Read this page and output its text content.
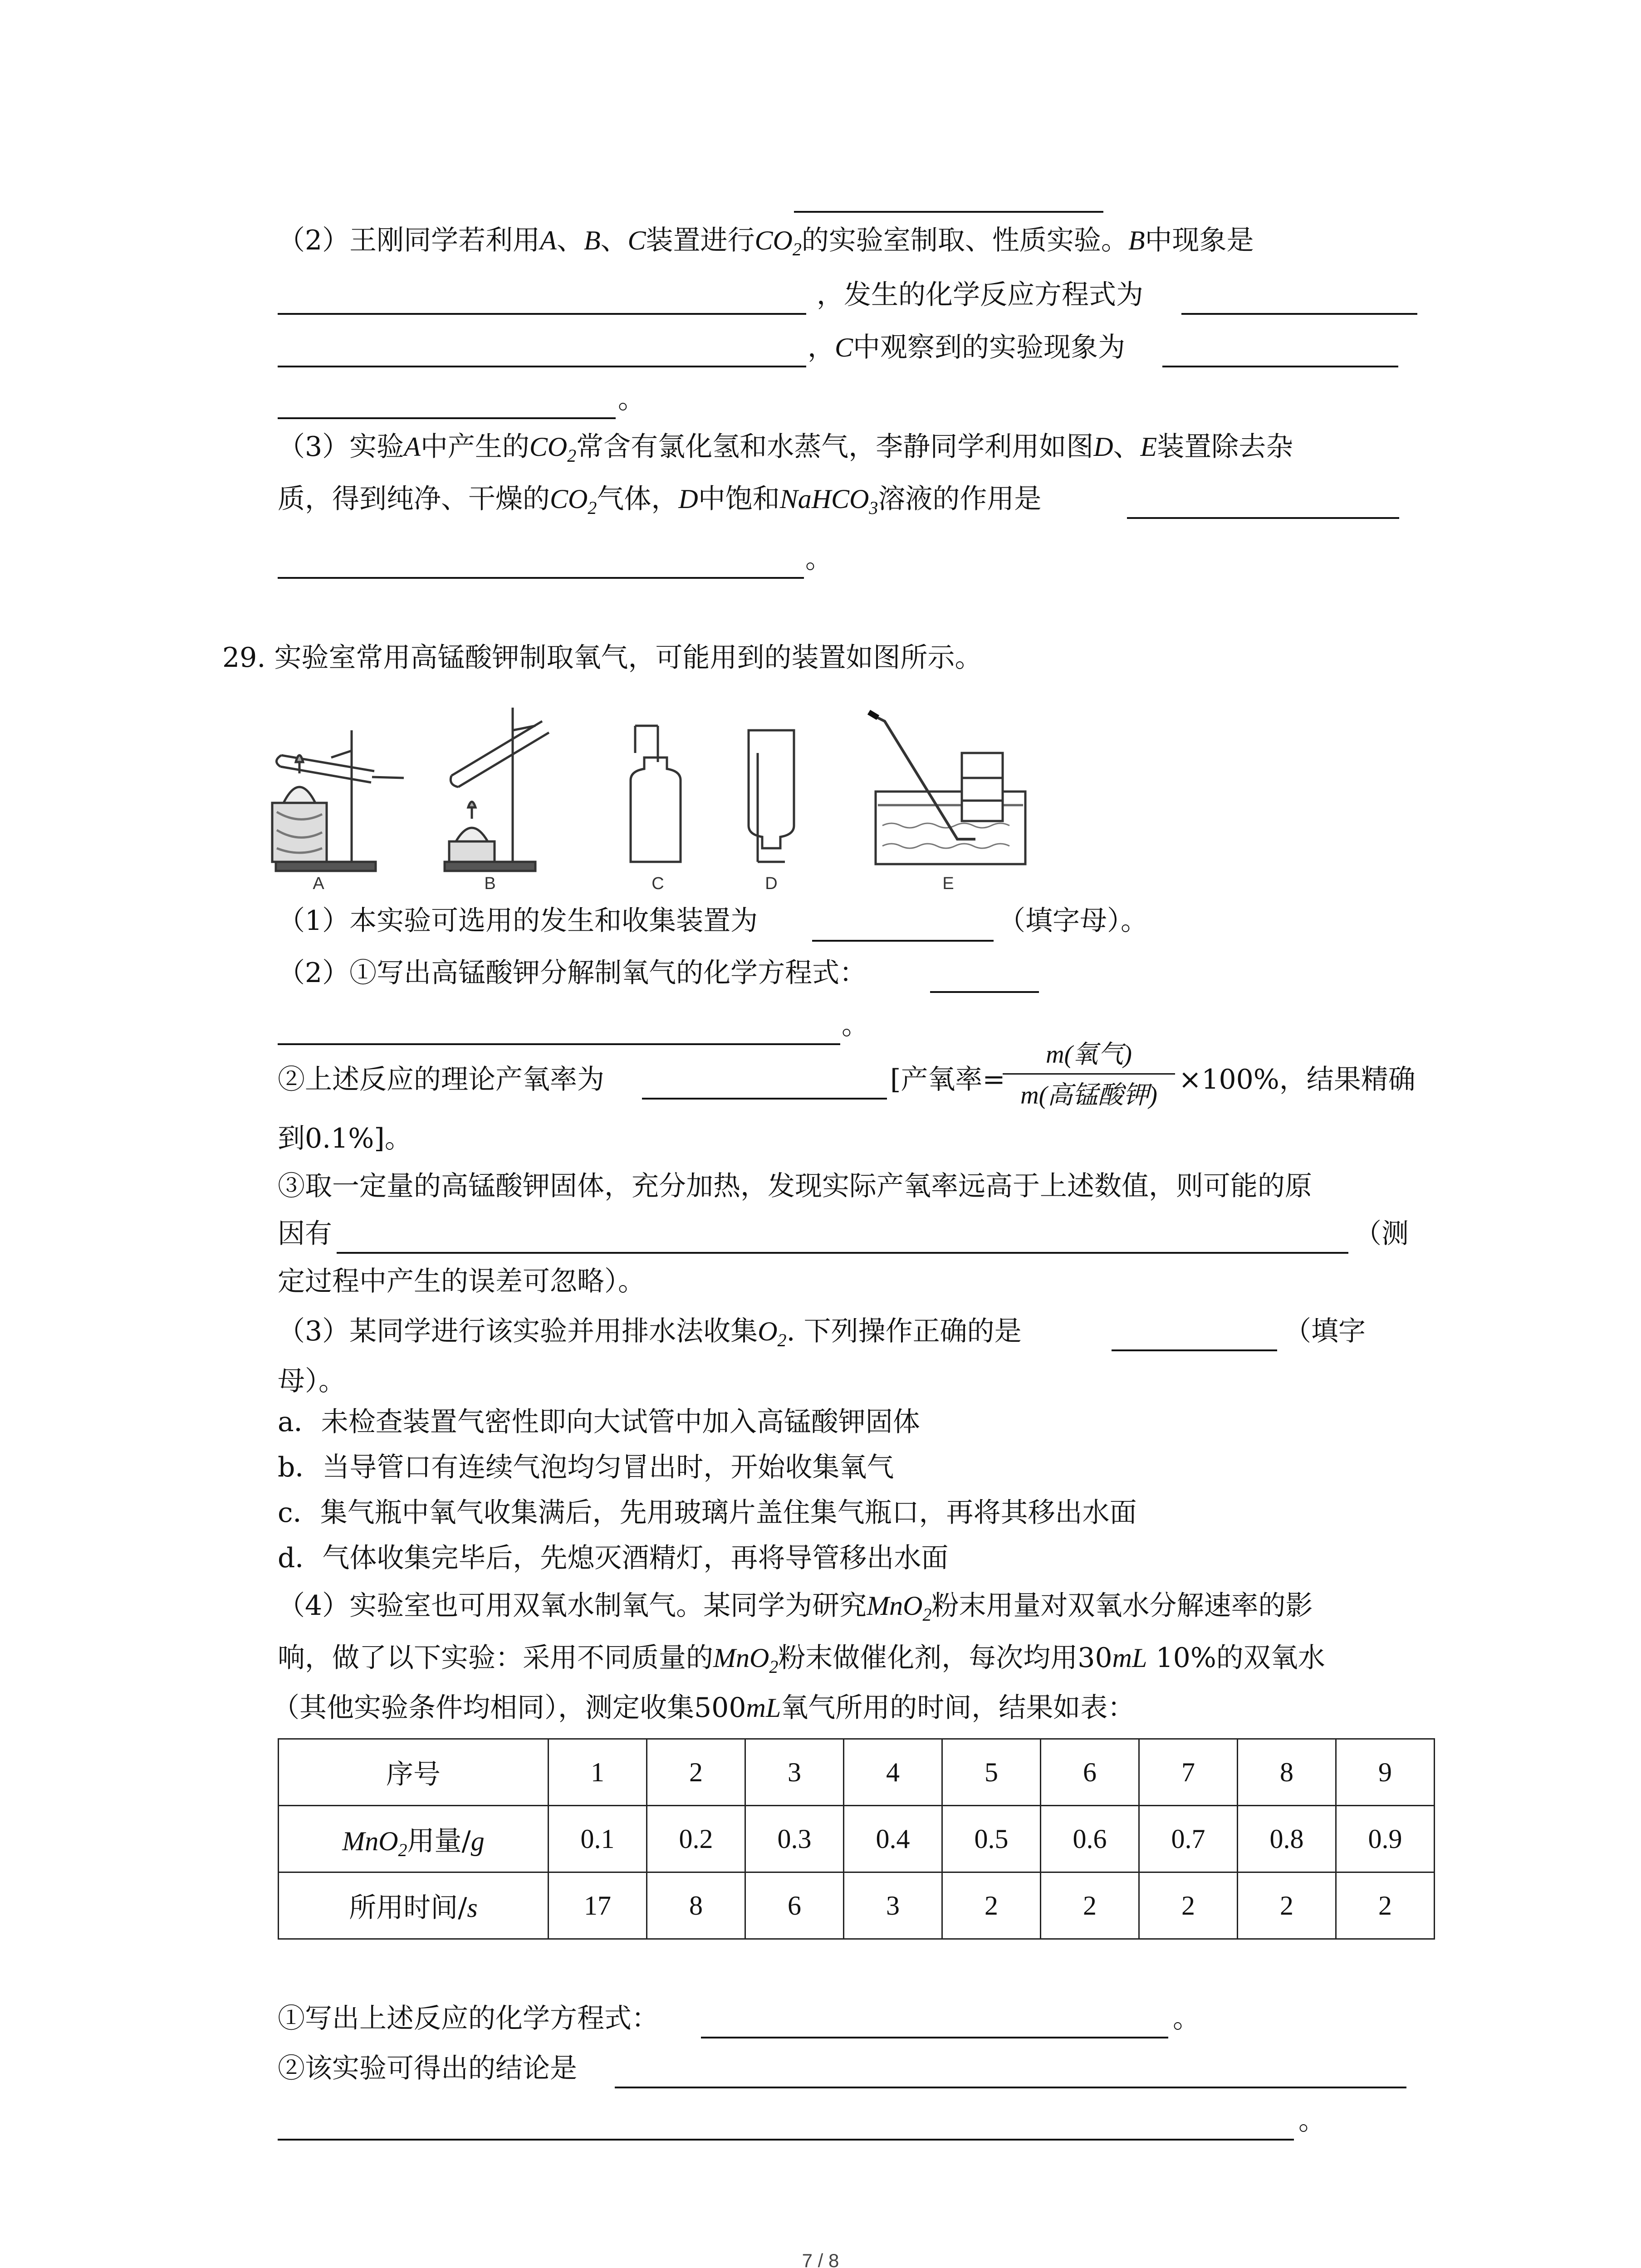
（2）王刚同学若利用A、B、C装置进行$CO_2$的实验室制取、性质实验。B中现象是
，发生的化学反应方程式为
，C中观察到的实验现象为
。
（3）实验A中产生的$CO_2$常含有氯化氢和水蒸气，李静同学利用如图D、E装置除去杂
质，得到纯净、干燥的$CO_2$气体，D中饱和NaHCO$_3$溶液的作用是
。
29. 实验室常用高锰酸钾制取氧气，可能用到的装置如图所示。
A	B	C	D	E
（1）本实验可选用的发生和收集装置为	（填字母）。
（2）①写出高锰酸钾分解制氧气的化学方程式：
。
②上述反应的理论产氧率为	[产氧率=
m(氧气)
m(高锰酸钾) ×100%，结果精确
到0.1%]。
③取一定量的高锰酸钾固体，充分加热，发现实际产氧率远高于上述数值，则可能的原
因有	（测
定过程中产生的误差可忽略）。
（3）某同学进行该实验并用排水法收集$O_2$. 下列操作正确的是	（填字
母）。
a．未检查装置气密性即向大试管中加入高锰酸钾固体
b．当导管口有连续气泡均匀冒出时，开始收集氧气
c．集气瓶中氧气收集满后，先用玻璃片盖住集气瓶口，再将其移出水面
d．气体收集完毕后，先熄灭酒精灯，再将导管移出水面
（4）实验室也可用双氧水制氧气。某同学为研究MnO$_2$粉末用量对双氧水分解速率的影
响，做了以下实验：采用不同质量的MnO$_2$粉末做催化剂，每次均用30mL 10%的双氧水
（其他实验条件均相同），测定收集500mL氧气所用的时间，结果如表：
序号	1	2	3	4	5	6	7	8	9
MnO$_2$用量/g	0.1	0.2	0.3	0.4	0.5	0.6	0.7	0.8	0.9
所用时间/s	17	8	6	3	2	2	2	2	2
①写出上述反应的化学方程式：	。
②该实验可得出的结论是
。
7 / 8
